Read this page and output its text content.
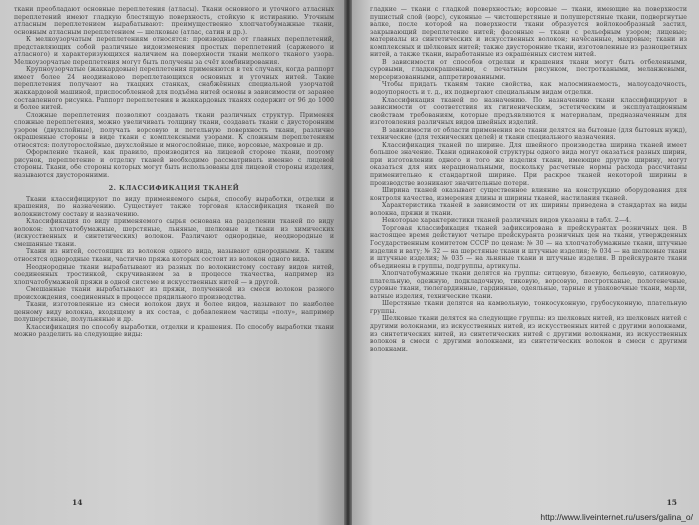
ткани преобладают основные переплетения (атласы). Ткани основного и уточного атласных переплетений имеют гладкую блестящую поверхность, стойкую к истиранию. Уточным атласным переплетением вырабатывают: преимущественно хлопчатобумажные ткани, основным атласным переплетением — шелковые (атлас, сатин и др.).

К мелкоузорчатым переплетениям относятся: производные от главных переплетений, представляющих собой различные видоизменения простых переплетений (саржевого и атласного) и характеризующихся наличием на поверхности ткани мелкого тканого узора. Мелкоузорчатые переплетения могут быть получены за счёт комбинирования.

Крупноузорчатые (жаккардовые) переплетения применяются в тех случаях, когда раппорт имеет более 24 неодинаково переплетающихся основных и уточных нитей. Такие переплетения получают на ткацких станках, снабжённых специальной узорчатой жаккардовой машиной, приспособленной для подъёма нитей основы в зависимости от заранее составленного рисунка. Раппорт переплетения в жаккардовых тканях содержит от 96 до 1000 и более нитей.

Сложные переплетения позволяют создавать ткани различных структур. Применяя сложные переплетения, можно увеличивать толщину ткани, создавать ткани с двусторонним узором (двухслойные), получать ворсовую и петельную поверхность ткани, различно окрашенные стороны в виде ткани с комплексными узорами. К сложным переплетениям относятся: полуторослойные, двухслойные и многослойные, пике, ворсовые, махровые и др.

Оформление тканей, как правило, производится на лицевой стороне ткани, поэтому рисунок, переплетение и отделку тканей необходимо рассматривать именно с лицевой стороны. Ткани, обе стороны которых могут быть использованы для лицевой стороны изделия, называются двусторонними.

2. КЛАССИФИКАЦИЯ ТКАНЕЙ

Ткани классифицируют по виду применяемого сырья, способу выработки, отделки и крашения, по назначению. Существует также торговая классификация тканей по волокнистому составу и назначению.

Классификация по виду применяемого сырья основана на разделении тканей по виду волокон: хлопчатобумажные, шерстяные, льняные, шелковые и ткани из химических (искусственных и синтетических) волокон. Различают однородные, неоднородные и смешанные ткани.

Ткани из нитей, состоящих из волокон одного вида, называют однородными. К таким относятся однородные ткани, частично пряжа которых состоит из волокон одного вида.

Неоднородные ткани вырабатывают из разных по волокнистому составу видов нитей, соединенных тростинкой, скручиванием за в процессе ткачества, например из хлопчатобумажной пряжи в одной системе и искусственных нитей — в другой.

Смешанные ткани вырабатывают из пряжи, полученной из смеси волокон разного происхождения, соединенных в процессе прядильного производства.

Ткани, изготовленные из смеси волокон двух и более видов, называют по наиболее ценному виду волокна, входящему в их состав, с добавлением частицы «полу», например полушерстяные, полульняные и др.

Классификация по способу выработки, отделки и крашения. По способу выработки ткани можно разделить на следующие виды:

14

гладкие — ткани с гладкой поверхностью; ворсовые — ткани, имеющие на поверхности пушистый слой (ворс), суконные — чистошерстяные и полушерстяные ткани, подвергнутые валке, после которой на поверхности ткани образуется войлокообразный застил, закрывающий переплетение нитей; фасонные — ткани с рельефным узором; лицевые; материалы из синтетических и искусственных волокон; начёсанные, махровые; ткани из комплексных и шёлковых нитей; также двусторонние ткани, изготовленные из разноцветных нитей, а также ткани, выработанные из окрашенных систем нитей.

В зависимости от способов отделки и крашения ткани могут быть отбеленными, суровыми, гладкокрашеными, с печатным рисунком, пестроткаными, меланжевыми, мерсеризованными, аппретированными.

Чтобы придать тканям такие свойства, как малосминаемость, малоусадочность, водоупорность и т. д., их подвергают специальным видам отделки.

Классификация тканей по назначению. По назначению ткани классифицируют в зависимости от соответствия их гигиеническим, эстетическим и эксплуатационным свойствам требованиям, которые предъявляются к материалам, предназначенным для изготовления различных видов швейных изделий.

В зависимости от области применения все ткани делятся на бытовые (для бытовых нужд), технические (для технических целей) и ткани специального назначения.

Классификация тканей по ширине. Для швейного производства ширина тканей имеет большое значение. Ткани одинаковой структуры одного вида могут оказаться разных ширин, при изготовлении одного и того же изделия ткани, имеющие другую ширину, могут оказаться для них нерациональными, поскольку расчетные нормы расхода рассчитаны применительно к стандартной ширине. При раскрое тканей некоторой ширины в производстве возникают значительные потери.

Ширина тканей оказывает существенное влияние на конструкцию оборудования для контроля качества, измерения длины и ширины тканей, настилания тканей.

Характеристика тканей в зависимости от их ширины приведена в стандартах на виды волокна, пряжи и ткани.

Некоторые характеристики тканей различных видов указаны в табл. 2—4.

Торговая классификация тканей зафиксирована в прейскурантах розничных цен. В настоящее время действуют четыре прейскуранта розничных цен на ткани, утвержденных Государственным комитетом СССР по ценам: № 30 — на хлопчатобумажные ткани, штучные изделия и вату; № 32 — на шерстяные ткани и штучные изделия; № 034 — на шелковые ткани и штучные изделия; № 035 — на льняные ткани и штучные изделия. В прейскуранте ткани объединены в группы, подгруппы, артикулы.

Хлопчатобумажные ткани делятся на группы: ситцевую, бязевую, бельевую, сатиновую, плательную, одежную, подкладочную, тиковую, ворсовую, пестротканые, полотенечные, суровые ткани, тюлегардинные, гардинные, одеяльные, тарные и упаковочные ткани, марли, ватные изделия, технические ткани.

Шерстяные ткани делятся на камвольную, тонкосуконную, грубосуконную, плательную группы.

Шелковые ткани делятся на следующие группы: из шелковых нитей, из шелковых нитей с другими волокнами, из искусственных нитей, из искусственных нитей с другими волокнами, из синтетических нитей, из синтетических нитей с другими волокнами, из искусственных волокон в смеси с другими волокнами, из синтетических волокон в смеси с другими волокнами.

15
http://www.liveinternet.ru/users/galina_o/
